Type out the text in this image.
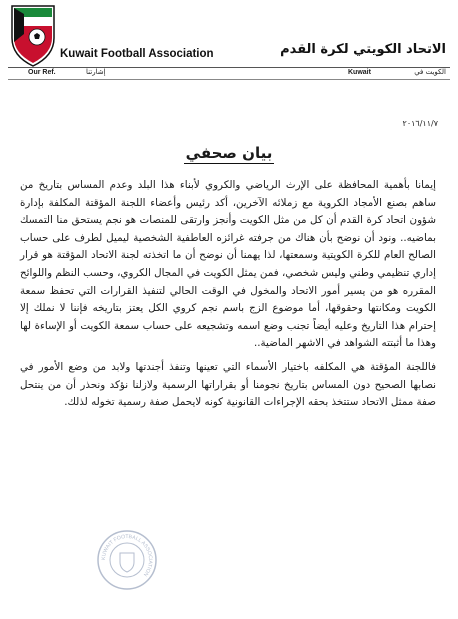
Kuwait Football Association	الاتحاد الكويتي لكرة القدم
Our Ref.	إشارتنا	Kuwait	الكويت في
٢٠١٦/١١/٧
بيان صحفي

إيمانا بأهمية المحافظة على الإرث الرياضي والكروي لأبناء هذا البلد وعدم المساس بتاريخ من ساهم بصنع الأمجاد الكروية مع زملائه الآخرين، أكد رئيس وأعضاء اللجنة المؤقتة المكلفة بإدارة شؤون اتحاد كرة القدم أن كل من مثل الكويت وأنجز وارتقى للمنصات هو نجم يستحق منا التمسك بماضيه.. ونود أن نوضح بأن هناك من جرفته غرائزه العاطفية الشخصية ليميل لطرف على حساب الصالح العام للكرة الكويتية وسمعتها، لذا يهمنا أن نوضح أن ما اتخذته لجنة الاتحاد المؤقتة هو قرار إداري تنظيمي وطني وليس شخصي، فمن يمثل الكويت في المجال الكروي، وحسب النظم واللوائح المقرره هو من يسير أمور الاتحاد والمخول في الوقت الحالي لتنفيذ القرارات التي تحفظ سمعة الكويت ومكانتها وحقوقها، أما موضوع الزج باسم نجم كروي الكل يعتز بتاريخه فإننا لا نملك إلا إحترام هذا التاريخ وعليه أيضاً تجنب وضع اسمه وتشجيعه على حساب سمعة الكويت أو الإساءة لها وهذا ما أثبتته الشواهد في الاشهر الماضية..

فاللجنة المؤقتة هي المكلفه باختيار الأسماء التي تعينها وتنفذ أجندتها ولابد من وضع الأمور في نصابها الصحيح دون المساس بتاريخ نجومنا أو بقراراتها الرسمية ولازلنا نؤكد ونحذر أن من ينتحل صفة ممثل الاتحاد ستتخذ بحقه الإجراءات القانونية كونه لايحمل صفة رسمية تخوله لذلك.

KUWAIT FOOTBALL ASSOCIATION
